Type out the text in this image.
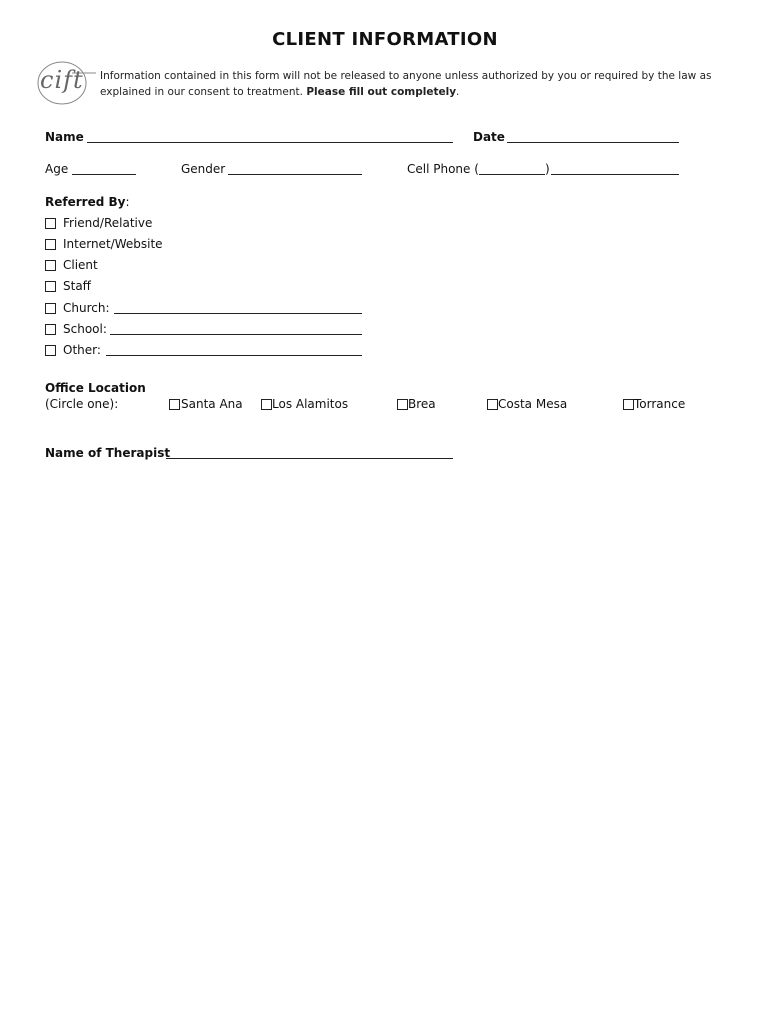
CLIENT INFORMATION
cift Information contained in this form will not be released to anyone unless authorized by you or required by the law as explained in our consent to treatment. Please fill out completely.
Name	Date
Age	Gender	Cell Phone (	)
Referred By:
Friend/Relative
Internet/Website
Client
Staff
Church:
School:
Other:
Office Location
(Circle one):	Santa Ana Los Alamitos	Brea	Costa Mesa	Torrance
Name of Therapist
